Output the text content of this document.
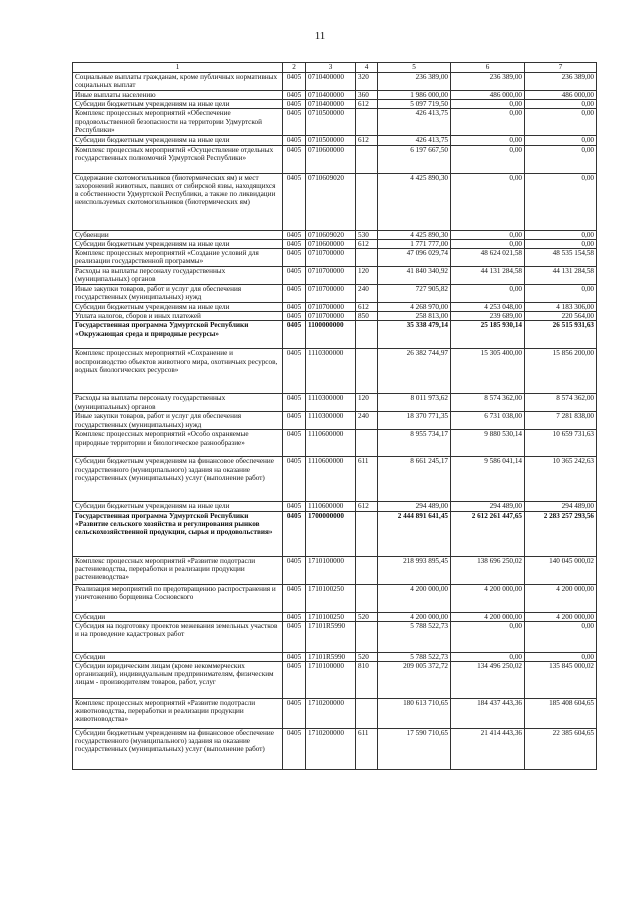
11
1	2	3	4	5	6	7
Социальные выплаты гражданам, кроме публичных нормативных социальных выплат	0405	0710400000	320	236 389,00	236 389,00	236 389,00
Иные выплаты населению	0405	0710400000	360	1 986 000,00	486 000,00	486 000,00
Субсидии бюджетным учреждениям на иные цели	0405	0710400000	612	5 097 719,50	0,00	0,00
Комплекс процессных мероприятий «Обеспечение продовольственной безопасности на территории Удмуртской Республики»	0405	0710500000		426 413,75	0,00	0,00
Субсидии бюджетным учреждениям на иные цели	0405	0710500000	612	426 413,75	0,00	0,00
Комплекс процессных мероприятий «Осуществление отдельных государственных полномочий Удмуртской Республики»	0405	0710600000		6 197 667,50	0,00	0,00
Содержание скотомогильников (биотермических ям) и мест захоронений животных, павших от сибирской язвы, находящихся в собственности Удмуртской Республики, а также по ликвидации неиспользуемых скотомогильников (биотермических ям)	0405	0710609020		4 425 890,30	0,00	0,00
Субвенции	0405	0710609020	530	4 425 890,30	0,00	0,00
Субсидии бюджетным учреждениям на иные цели	0405	0710600000	612	1 771 777,00	0,00	0,00
Комплекс процессных мероприятий «Создание условий для реализации государственной программы»	0405	0710700000		47 096 029,74	48 624 021,58	48 535 154,58
Расходы на выплаты персоналу государственных (муниципальных) органов	0405	0710700000	120	41 840 340,92	44 131 284,58	44 131 284,58
Иные закупки товаров, работ и услуг для обеспечения государственных (муниципальных) нужд	0405	0710700000	240	727 905,82	0,00	0,00
Субсидии бюджетным учреждениям на иные цели	0405	0710700000	612	4 268 970,00	4 253 048,00	4 183 306,00
Уплата налогов, сборов и иных платежей	0405	0710700000	850	258 813,00	239 689,00	220 564,00
Государственная программа Удмуртской Республики «Окружающая среда и природные ресурсы»	0405	1100000000		35 338 479,14	25 185 930,14	26 515 931,63
Комплекс процессных мероприятий «Сохранение и воспроизводство объектов животного мира, охотничьих ресурсов, водных биологических ресурсов»	0405	1110300000		26 382 744,97	15 305 400,00	15 856 200,00
Расходы на выплаты персоналу государственных (муниципальных) органов	0405	1110300000	120	8 011 973,62	8 574 362,00	8 574 362,00
Иные закупки товаров, работ и услуг для обеспечения государственных (муниципальных) нужд	0405	1110300000	240	18 370 771,35	6 731 038,00	7 281 838,00
Комплекс процессных мероприятий «Особо охраняемые природные территории и биологическое разнообразие»	0405	1110600000		8 955 734,17	9 880 530,14	10 659 731,63
Субсидии бюджетным учреждениям на финансовое обеспечение государственного (муниципального) задания на оказание государственных (муниципальных) услуг (выполнение работ)	0405	1110600000	611	8 661 245,17	9 586 041,14	10 365 242,63
Субсидии бюджетным учреждениям на иные цели	0405	1110600000	612	294 489,00	294 489,00	294 489,00
Государственная программа Удмуртской Республики «Развитие сельского хозяйства и регулирования рынков сельскохозяйственной продукции, сырья и продовольствия»	0405	1700000000		2 444 891 641,45	2 612 261 447,65	2 283 257 293,56
Комплекс процессных мероприятий «Развитие подотрасли растениеводства, переработки и реализации продукции растениеводства»	0405	1710100000		218 993 895,45	138 696 250,02	140 045 000,02
Реализация мероприятий по предотвращению распространения и уничтожению борщевика Сосновского	0405	1710100250		4 200 000,00	4 200 000,00	4 200 000,00
Субсидии	0405	1710100250	520	4 200 000,00	4 200 000,00	4 200 000,00
Субсидия на подготовку проектов межевания земельных участков и на проведение кадастровых работ	0405	17101R5990		5 788 522,73	0,00	0,00
Субсидии	0405	17101R5990	520	5 788 522,73	0,00	0,00
Субсидии юридическим лицам (кроме некоммерческих организаций), индивидуальным предпринимателям, физическим лицам - производителям товаров, работ, услуг	0405	1710100000	810	209 005 372,72	134 496 250,02	135 845 000,02
Комплекс процессных мероприятий «Развитие подотрасли животноводства, переработки и реализации продукции животноводства»	0405	1710200000		180 613 710,65	184 437 443,36	185 408 604,65
Субсидии бюджетным учреждениям на финансовое обеспечение государственного (муниципального) задания на оказание государственных (муниципальных) услуг (выполнение работ)	0405	1710200000	611	17 590 710,65	21 414 443,36	22 385 604,65
